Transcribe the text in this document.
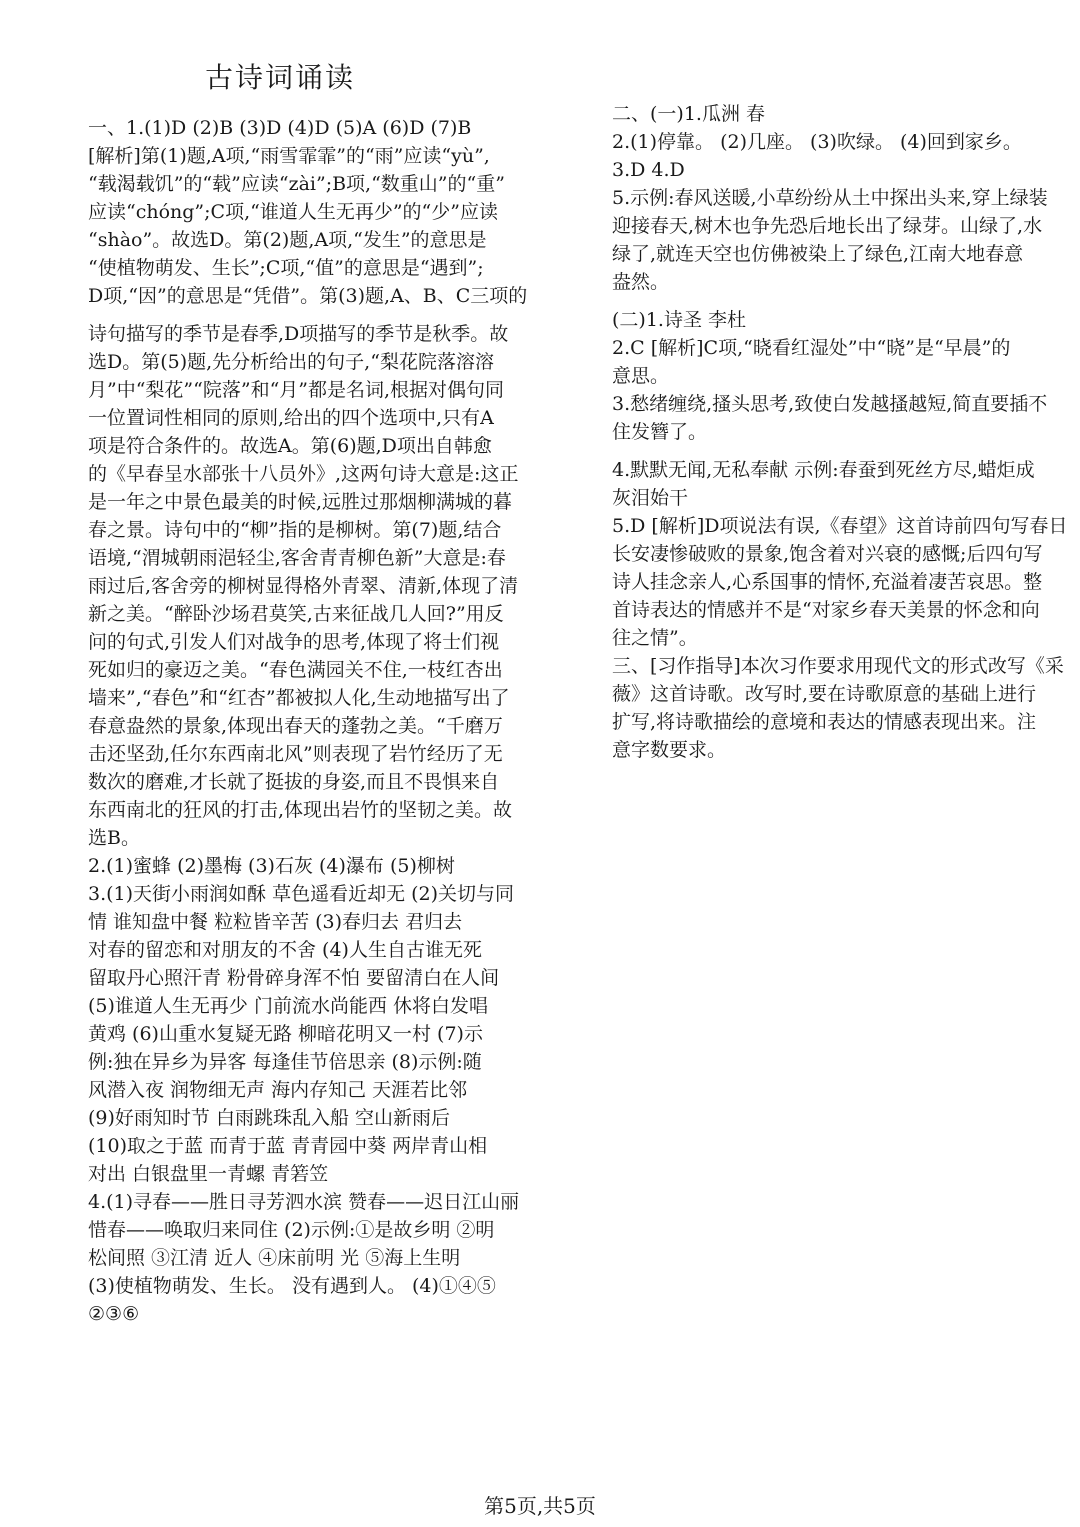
古诗词诵读
一、1.(1)D (2)B (3)D (4)D (5)A (6)D (7)B
[解析]第(1)题,A项,“雨雪霏霏”的“雨”应读“yù”,
“载渴载饥”的“载”应读“zài”;B项,“数重山”的“重”
应读“chóng”;C项,“谁道人生无再少”的“少”应读
“shào”。故选D。第(2)题,A项,“发生”的意思是
“使植物萌发、生长”;C项,“值”的意思是“遇到”;
D项,“因”的意思是“凭借”。第(3)题,A、B、C三项的
诗句描写的季节是春季,D项描写的季节是秋季。故
选D。第(5)题,先分析给出的句子,“梨花院落溶溶
月”中“梨花”“院落”和“月”都是名词,根据对偶句同
一位置词性相同的原则,给出的四个选项中,只有A
项是符合条件的。故选A。第(6)题,D项出自韩愈
的《早春呈水部张十八员外》,这两句诗大意是:这正
是一年之中景色最美的时候,远胜过那烟柳满城的暮
春之景。诗句中的“柳”指的是柳树。第(7)题,结合
语境,“渭城朝雨浥轻尘,客舍青青柳色新”大意是:春
雨过后,客舍旁的柳树显得格外青翠、清新,体现了清
新之美。“醉卧沙场君莫笑,古来征战几人回?”用反
问的句式,引发人们对战争的思考,体现了将士们视
死如归的豪迈之美。“春色满园关不住,一枝红杏出
墙来”,“春色”和“红杏”都被拟人化,生动地描写出了
春意盎然的景象,体现出春天的蓬勃之美。“千磨万
击还坚劲,任尔东西南北风”则表现了岩竹经历了无
数次的磨难,才长就了挺拔的身姿,而且不畏惧来自
东西南北的狂风的打击,体现出岩竹的坚韧之美。故
选B。
2.(1)蜜蜂 (2)墨梅 (3)石灰 (4)瀑布 (5)柳树
3.(1)天街小雨润如酥 草色遥看近却无 (2)关切与同
情 谁知盘中餐 粒粒皆辛苦 (3)春归去 君归去
对春的留恋和对朋友的不舍 (4)人生自古谁无死
留取丹心照汗青 粉骨碎身浑不怕 要留清白在人间
(5)谁道人生无再少 门前流水尚能西 休将白发唱
黄鸡 (6)山重水复疑无路 柳暗花明又一村 (7)示
例:独在异乡为异客 每逢佳节倍思亲 (8)示例:随
风潜入夜 润物细无声 海内存知己 天涯若比邻
(9)好雨知时节 白雨跳珠乱入船 空山新雨后
(10)取之于蓝 而青于蓝 青青园中葵 两岸青山相
对出 白银盘里一青螺 青箬笠
4.(1)寻春——胜日寻芳泗水滨 赞春——迟日江山丽
惜春——唤取归来同住 (2)示例:①是故乡明 ②明
松间照 ③江清 近人 ④床前明 光 ⑤海上生明
(3)使植物萌发、生长。 没有遇到人。 (4)①④⑤
②③⑥
二、(一)1.瓜洲 春
2.(1)停靠。 (2)几座。 (3)吹绿。 (4)回到家乡。
3.D 4.D
5.示例:春风送暖,小草纷纷从土中探出头来,穿上绿装
迎接春天,树木也争先恐后地长出了绿芽。山绿了,水
绿了,就连天空也仿佛被染上了绿色,江南大地春意
盎然。
(二)1.诗圣 李杜
2.C [解析]C项,“晓看红湿处”中“晓”是“早晨”的
意思。
3.愁绪缠绕,搔头思考,致使白发越搔越短,简直要插不
住发簪了。
4.默默无闻,无私奉献 示例:春蚕到死丝方尽,蜡炬成
灰泪始干
5.D [解析]D项说法有误,《春望》这首诗前四句写春日
长安凄惨破败的景象,饱含着对兴衰的感慨;后四句写
诗人挂念亲人,心系国事的情怀,充溢着凄苦哀思。整
首诗表达的情感并不是“对家乡春天美景的怀念和向
往之情”。
三、[习作指导]本次习作要求用现代文的形式改写《采
薇》这首诗歌。改写时,要在诗歌原意的基础上进行
扩写,将诗歌描绘的意境和表达的情感表现出来。注
意字数要求。
第5页,共5页
